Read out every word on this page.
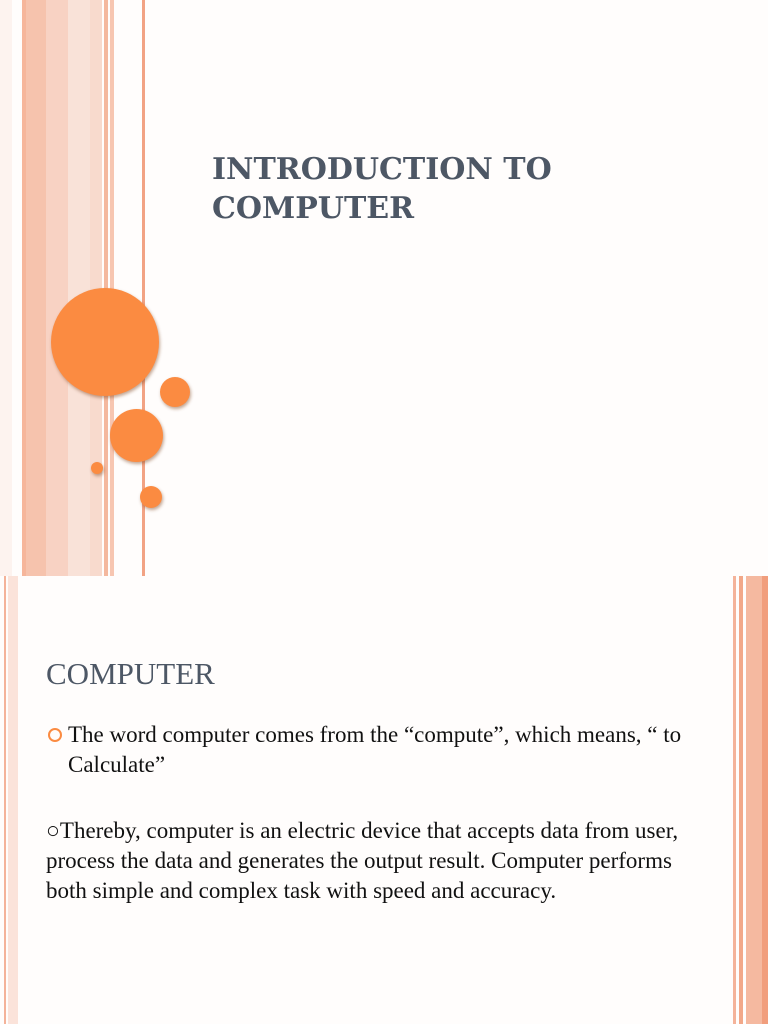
INTRODUCTION TO
COMPUTER
COMPUTER
The word computer comes from the “compute”, which means, “ to Calculate”

○Thereby, computer is an electric device that accepts data from user, process the data and generates the output result. Computer performs both simple and complex task with speed and accuracy.
